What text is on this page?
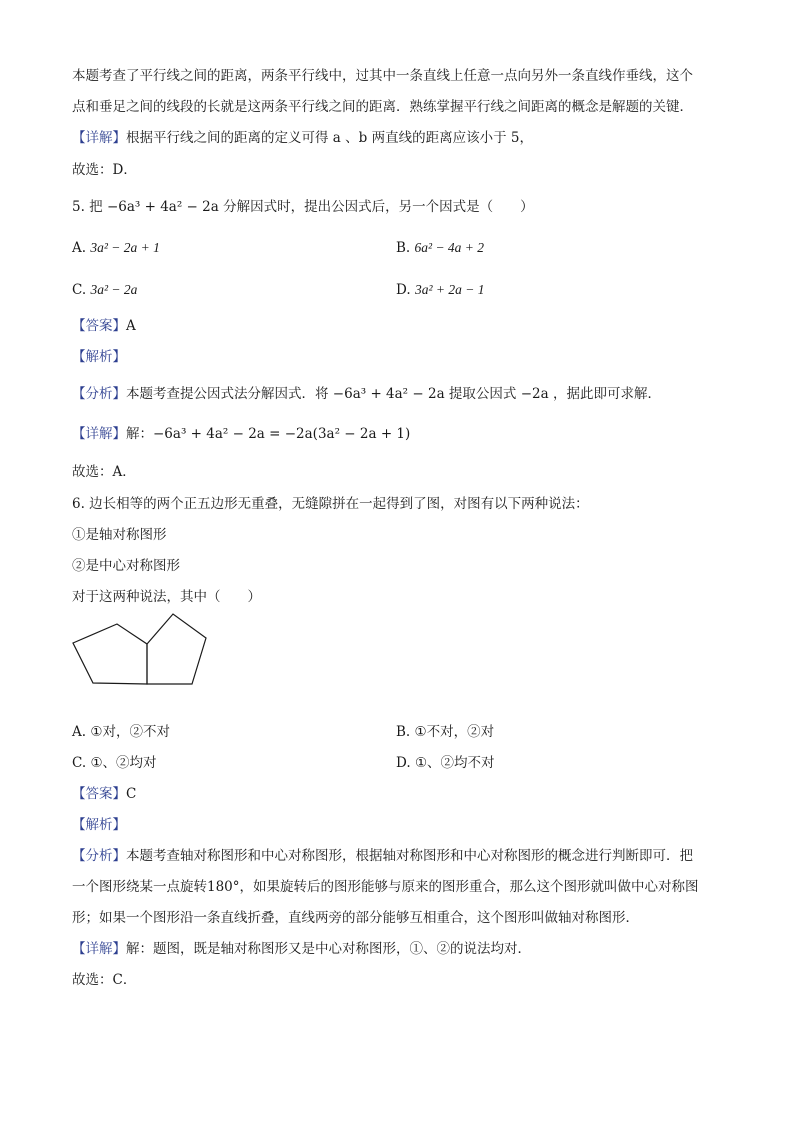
本题考查了平行线之间的距离，两条平行线中，过其中一条直线上任意一点向另外一条直线作垂线，这个
点和垂足之间的线段的长就是这两条平行线之间的距离．熟练掌握平行线之间距离的概念是解题的关键．
【详解】根据平行线之间的距离的定义可得 a 、b 两直线的距离应该小于 5，
故选：D．
5. 把 −6a³ + 4a² − 2a 分解因式时，提出公因式后，另一个因式是（　　）
A. 3a² − 2a + 1	B. 6a² − 4a + 2
C. 3a² − 2a	D. 3a² + 2a − 1
【答案】A
【解析】
【分析】本题考查提公因式法分解因式．将 −6a³ + 4a² − 2a 提取公因式 −2a ，据此即可求解．
【详解】解：−6a³ + 4a² − 2a = −2a(3a² − 2a + 1)
故选：A．
6. 边长相等的两个正五边形无重叠，无缝隙拼在一起得到了图，对图有以下两种说法：
①是轴对称图形
②是中心对称图形
对于这两种说法，其中（　　）
A. ①对，②不对	B. ①不对，②对
C. ①、②均对	D. ①、②均不对
【答案】C
【解析】
【分析】本题考查轴对称图形和中心对称图形，根据轴对称图形和中心对称图形的概念进行判断即可．把
一个图形绕某一点旋转180°，如果旋转后的图形能够与原来的图形重合，那么这个图形就叫做中心对称图
形；如果一个图形沿一条直线折叠，直线两旁的部分能够互相重合，这个图形叫做轴对称图形．
【详解】解：题图，既是轴对称图形又是中心对称图形，①、②的说法均对．
故选：C．
